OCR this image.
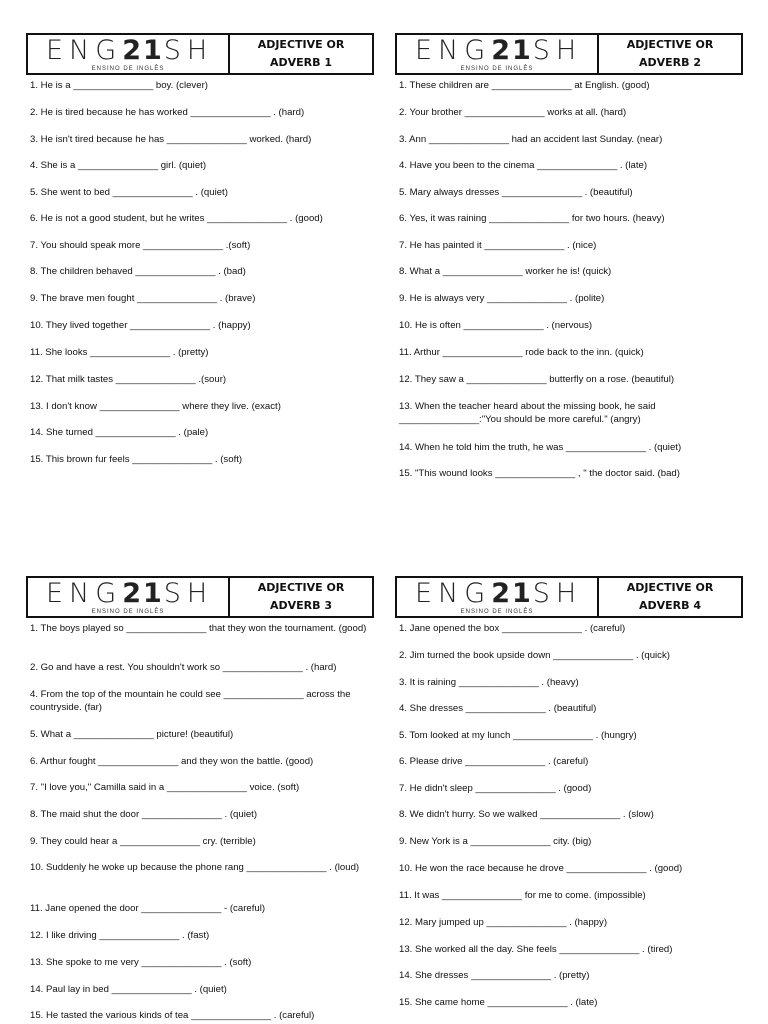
ENG21SH
ENSINO DE INGLÊS
ADJECTIVE OR
ADVERB 1
1. He is a _______________ boy. (clever)
2. He is tired because he has worked _______________ . (hard)
3. He isn't tired because he has _______________ worked. (hard)
4. She is a _______________ girl. (quiet)
5. She went to bed _______________ . (quiet)
6. He is not a good student, but he writes _______________ . (good)
7. You should speak more _______________ .(soft)
8. The children behaved _______________ . (bad)
9. The brave men fought _______________ . (brave)
10. They lived together _______________ . (happy)
11. She looks _______________ . (pretty)
12. That milk tastes _______________ .(sour)
13. I don't know _______________ where they live. (exact)
14. She turned _______________ . (pale)
15. This brown fur feels _______________ . (soft)
ENG21SH
ENSINO DE INGLÊS
ADJECTIVE OR
ADVERB 2
1. These children are _______________ at English. (good)
2. Your brother _______________ works at all. (hard)
3. Ann _______________ had an accident last Sunday. (near)
4. Have you been to the cinema _______________ . (late)
5. Mary always dresses _______________ . (beautiful)
6. Yes, it was raining _______________ for two hours. (heavy)
7. He has painted it _______________ . (nice)
8. What a _______________ worker he is! (quick)
9. He is always very _______________ . (polite)
10. He is often _______________ . (nervous)
11. Arthur _______________ rode back to the inn. (quick)
12. They saw a _______________ butterfly on a rose. (beautiful)
13. When the teacher heard about the missing book, he said _______________:"You should be more careful." (angry)
14. When he told him the truth, he was _______________ . (quiet)
15. "This wound looks _______________ , " the doctor said. (bad)
ENG21SH
ENSINO DE INGLÊS
ADJECTIVE OR
ADVERB 3
1. The boys played so _______________ that they won the tournament. (good)
2. Go and have a rest. You shouldn't work so _______________ . (hard)
4. From the top of the mountain he could see _______________ across the countryside. (far)
5. What a _______________ picture! (beautiful)
6. Arthur fought _______________ and they won the battle. (good)
7. "I love you," Camilla said in a _______________ voice. (soft)
8. The maid shut the door _______________ . (quiet)
9. They could hear a _______________ cry. (terrible)
10. Suddenly he woke up because the phone rang _______________ . (loud)
11. Jane opened the door _______________ - (careful)
12. I like driving _______________ . (fast)
13. She spoke to me very _______________ . (soft)
14. Paul lay in bed _______________ . (quiet)
15. He tasted the various kinds of tea _______________ . (careful)
ENG21SH
ENSINO DE INGLÊS
ADJECTIVE OR
ADVERB 4
1. Jane opened the box _______________ . (careful)
2. Jim turned the book upside down _______________ . (quick)
3. It is raining _______________ . (heavy)
4. She dresses _______________ . (beautiful)
5. Tom looked at my lunch _______________ . (hungry)
6. Please drive _______________ . (careful)
7. He didn't sleep _______________ . (good)
8. We didn't hurry. So we walked _______________ . (slow)
9. New York is a _______________ city. (big)
10. He won the race because he drove _______________ . (good)
11. It was _______________ for me to come. (impossible)
12. Mary jumped up _______________ . (happy)
13. She worked all the day. She feels _______________ . (tired)
14. She dresses _______________ . (pretty)
15. She came home _______________ . (late)
